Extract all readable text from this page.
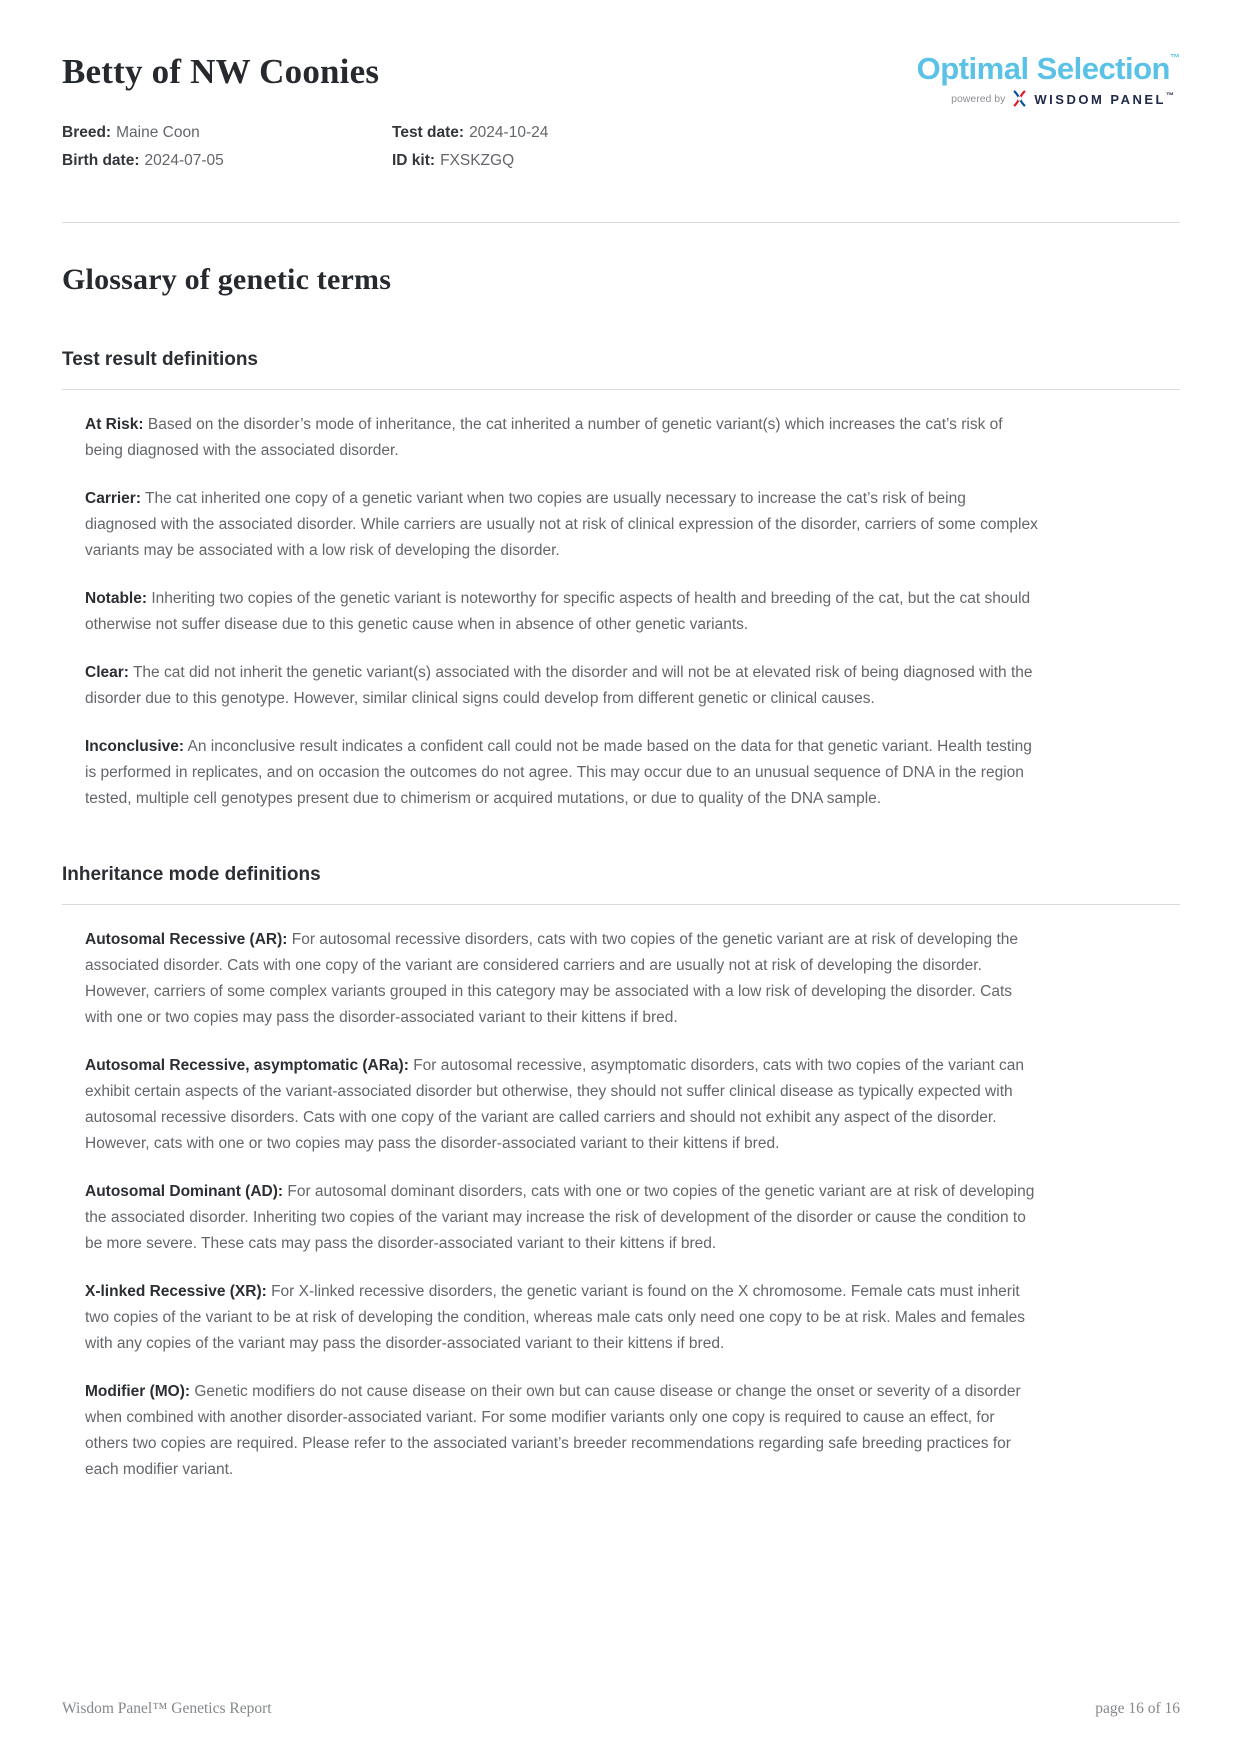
Betty of NW Coonies
Breed: Maine Coon	Test date: 2024-10-24
Birth date: 2024-07-05	ID kit: FXSKZGQ
Optimal Selection™
powered by WISDOM PANEL™
Glossary of genetic terms
Test result definitions

At Risk: Based on the disorder’s mode of inheritance, the cat inherited a number of genetic variant(s) which increases the cat’s risk of being diagnosed with the associated disorder.

Carrier: The cat inherited one copy of a genetic variant when two copies are usually necessary to increase the cat’s risk of being diagnosed with the associated disorder. While carriers are usually not at risk of clinical expression of the disorder, carriers of some complex variants may be associated with a low risk of developing the disorder.

Notable: Inheriting two copies of the genetic variant is noteworthy for specific aspects of health and breeding of the cat, but the cat should otherwise not suffer disease due to this genetic cause when in absence of other genetic variants.

Clear: The cat did not inherit the genetic variant(s) associated with the disorder and will not be at elevated risk of being diagnosed with the disorder due to this genotype. However, similar clinical signs could develop from different genetic or clinical causes.

Inconclusive: An inconclusive result indicates a confident call could not be made based on the data for that genetic variant. Health testing is performed in replicates, and on occasion the outcomes do not agree. This may occur due to an unusual sequence of DNA in the region tested, multiple cell genotypes present due to chimerism or acquired mutations, or due to quality of the DNA sample.

Inheritance mode definitions

Autosomal Recessive (AR): For autosomal recessive disorders, cats with two copies of the genetic variant are at risk of developing the associated disorder. Cats with one copy of the variant are considered carriers and are usually not at risk of developing the disorder. However, carriers of some complex variants grouped in this category may be associated with a low risk of developing the disorder. Cats with one or two copies may pass the disorder-associated variant to their kittens if bred.

Autosomal Recessive, asymptomatic (ARa): For autosomal recessive, asymptomatic disorders, cats with two copies of the variant can exhibit certain aspects of the variant-associated disorder but otherwise, they should not suffer clinical disease as typically expected with autosomal recessive disorders. Cats with one copy of the variant are called carriers and should not exhibit any aspect of the disorder. However, cats with one or two copies may pass the disorder-associated variant to their kittens if bred.

Autosomal Dominant (AD): For autosomal dominant disorders, cats with one or two copies of the genetic variant are at risk of developing the associated disorder. Inheriting two copies of the variant may increase the risk of development of the disorder or cause the condition to be more severe. These cats may pass the disorder-associated variant to their kittens if bred.

X-linked Recessive (XR): For X-linked recessive disorders, the genetic variant is found on the X chromosome. Female cats must inherit two copies of the variant to be at risk of developing the condition, whereas male cats only need one copy to be at risk. Males and females with any copies of the variant may pass the disorder-associated variant to their kittens if bred.

Modifier (MO): Genetic modifiers do not cause disease on their own but can cause disease or change the onset or severity of a disorder when combined with another disorder-associated variant. For some modifier variants only one copy is required to cause an effect, for others two copies are required. Please refer to the associated variant’s breeder recommendations regarding safe breeding practices for each modifier variant.

Wisdom Panel™ Genetics Report	page 16 of 16
